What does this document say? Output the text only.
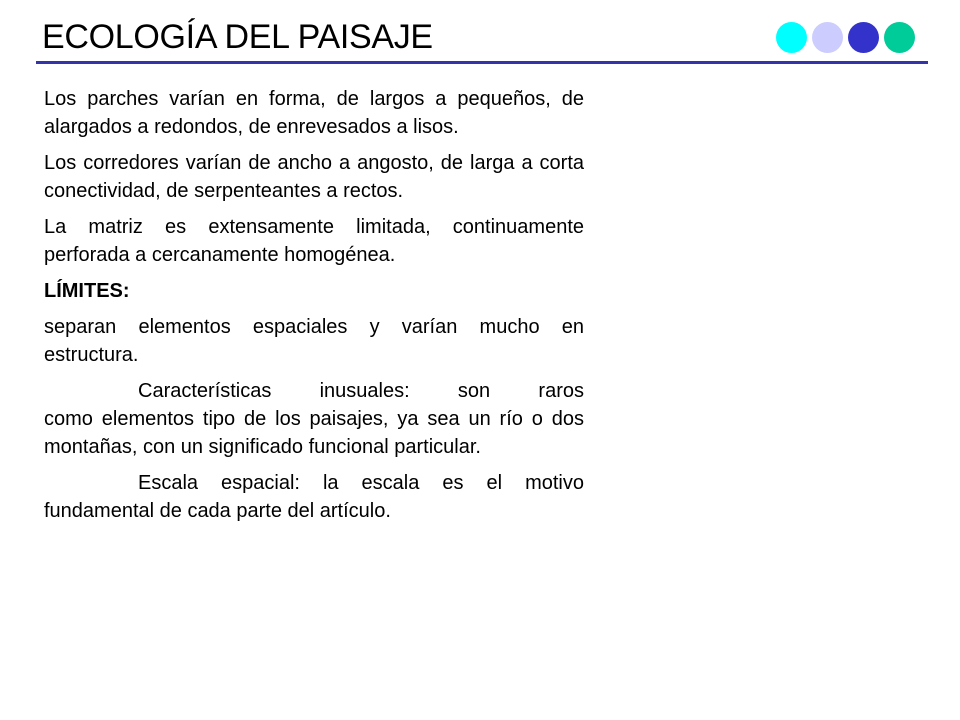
ECOLOGÍA DEL PAISAJE

Los parches varían en forma, de largos a pequeños, de alargados a redondos, de enrevesados a lisos.

Los corredores varían de ancho a angosto, de larga a corta conectividad, de serpenteantes a rectos.

La matriz es extensamente limitada, continuamente perforada a cercanamente homogénea.

LÍMITES:

separan elementos espaciales y varían mucho en estructura.

Características inusuales: son raros
como elementos tipo de los paisajes, ya sea un río o dos montañas, con un significado funcional particular.

Escala espacial: la escala es el motivo
fundamental de cada parte del artículo.
